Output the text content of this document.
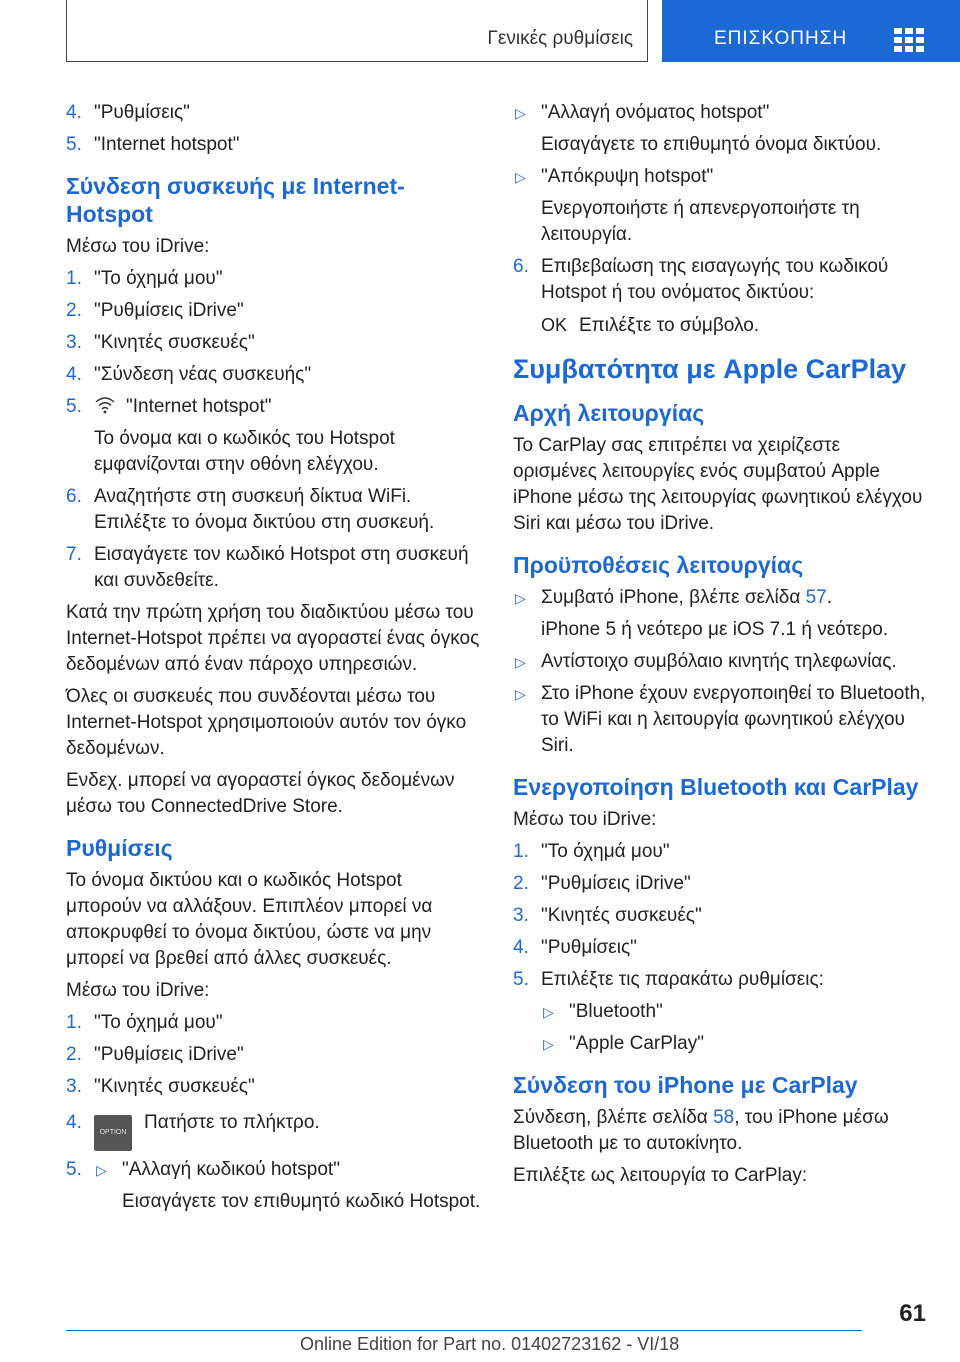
Γενικές ρυθμίσεις	ΕΠΙΣΚΟΠΗΣΗ
4. "Ρυθμίσεις"
5. "Internet hotspot"
Σύνδεση συσκευής με Internet-Hotspot
Μέσω του iDrive:
1. "Το όχημά μου"
2. "Ρυθμίσεις iDrive"
3. "Κινητές συσκευές"
4. "Σύνδεση νέας συσκευής"
5. "Internet hotspot"
Το όνομα και ο κωδικός του Hotspot εμφανίζονται στην οθόνη ελέγχου.
6. Αναζητήστε στη συσκευή δίκτυα WiFi. Επιλέξτε το όνομα δικτύου στη συσκευή.
7. Εισαγάγετε τον κωδικό Hotspot στη συσκευή και συνδεθείτε.
Κατά την πρώτη χρήση του διαδικτύου μέσω του Internet-Hotspot πρέπει να αγοραστεί ένας όγκος δεδομένων από έναν πάροχο υπηρεσιών.
Όλες οι συσκευές που συνδέονται μέσω του Internet-Hotspot χρησιμοποιούν αυτόν τον όγκο δεδομένων.
Ενδεχ. μπορεί να αγοραστεί όγκος δεδομένων μέσω του ConnectedDrive Store.
Ρυθμίσεις
Το όνομα δικτύου και ο κωδικός Hotspot μπορούν να αλλάξουν. Επιπλέον μπορεί να αποκρυφθεί το όνομα δικτύου, ώστε να μην μπορεί να βρεθεί από άλλες συσκευές.
Μέσω του iDrive:
1. "Το όχημά μου"
2. "Ρυθμίσεις iDrive"
3. "Κινητές συσκευές"
4.	OPTION Πατήστε το πλήκτρο.
5. ▷ "Αλλαγή κωδικού hotspot"
Εισαγάγετε τον επιθυμητό κωδικό Hotspot.
▷ "Αλλαγή ονόματος hotspot"
Εισαγάγετε το επιθυμητό όνομα δικτύου.
▷ "Απόκρυψη hotspot"
Ενεργοποιήστε ή απενεργοποιήστε τη λειτουργία.
6. Επιβεβαίωση της εισαγωγής του κωδικού Hotspot ή του ονόματος δικτύου:
OK Επιλέξτε το σύμβολο.
Συμβατότητα με Apple CarPlay
Αρχή λειτουργίας
Το CarPlay σας επιτρέπει να χειρίζεστε ορισμένες λειτουργίες ενός συμβατού Apple iPhone μέσω της λειτουργίας φωνητικού ελέγχου Siri και μέσω του iDrive.
Προϋποθέσεις λειτουργίας
▷ Συμβατό iPhone, βλέπε σελίδα 57.
iPhone 5 ή νεότερο με iOS 7.1 ή νεότερο.
▷ Αντίστοιχο συμβόλαιο κινητής τηλεφωνίας.
▷ Στο iPhone έχουν ενεργοποιηθεί το Bluetooth, το WiFi και η λειτουργία φωνητικού ελέγχου Siri.
Ενεργοποίηση Bluetooth και CarPlay
Μέσω του iDrive:
1. "Το όχημά μου"
2. "Ρυθμίσεις iDrive"
3. "Κινητές συσκευές"
4. "Ρυθμίσεις"
5. Επιλέξτε τις παρακάτω ρυθμίσεις:
▷ "Bluetooth"
▷ "Apple CarPlay"
Σύνδεση του iPhone με CarPlay
Σύνδεση, βλέπε σελίδα 58, του iPhone μέσω Bluetooth με το αυτοκίνητο.
Επιλέξτε ως λειτουργία το CarPlay:
61
Online Edition for Part no. 01402723162 - VI/18
